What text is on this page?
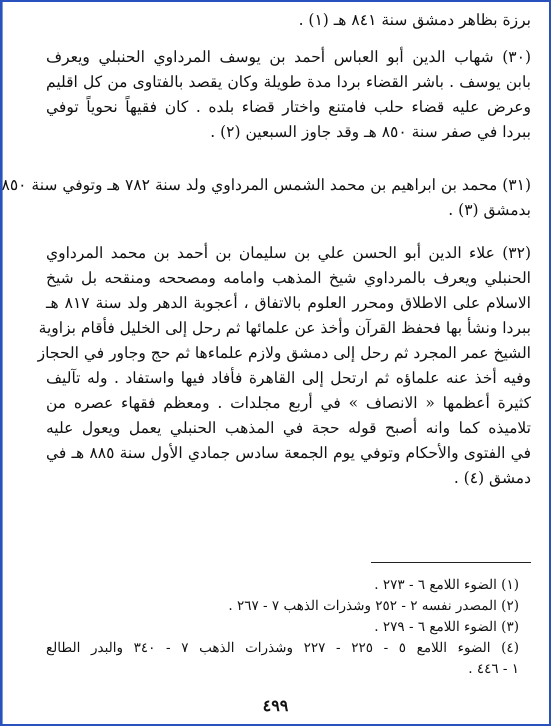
برزة بظاهر دمشق سنة ٨٤١ هـ (١) .
(٣٠) شهاب الدين أبو العباس أحمد بن يوسف المرداوي الحنبلي ويعرف
بابن يوسف . باشر القضاء بردا مدة طويلة وكان يقصد بالفتاوى من كل اقليم
وعرض عليه قضاء حلب فامتنع واختار قضاء بلده . كان فقيهاً نحوياً توفي
ببردا في صفر سنة ٨٥٠ هـ وقد جاوز السبعين (٢) .
(٣١) محمد بن ابراهيم بن محمد الشمس المرداوي ولد سنة ٧٨٢ هـ وتوفي سنة ٨٥٠
بدمشق (٣) .
(٣٢) علاء الدين أبو الحسن علي بن سليمان بن أحمد بن محمد المرداوي
الحنبلي ويعرف بالمرداوي شيخ المذهب وامامه ومصححه ومنقحه بل شيخ
الاسلام على الاطلاق ومحرر العلوم بالاتفاق ، أعجوبة الدهر ولد سنة ٨١٧ هـ
ببردا ونشأ بها فحفظ القرآن وأخذ عن علمائها ثم رحل إلى الخليل فأقام بزاوية
الشيخ عمر المجرد ثم رحل إلى دمشق ولازم علماءها ثم حج وجاور في الحجاز
وفيه أخذ عنه علماؤه ثم ارتحل إلى القاهرة فأفاد فيها واستفاد . وله تآليف
كثيرة أعظمها « الانصاف » في أربع مجلدات . ومعظم فقهاء عصره من
تلاميذه كما وانه أصبح قوله حجة في المذهب الحنبلي يعمل ويعول عليه
في الفتوى والأحكام وتوفي يوم الجمعة سادس جمادي الأول سنة ٨٨٥ هـ في
دمشق (٤) .
(١) الضوء اللامع ٦ - ٢٧٣ .
(٢) المصدر نفسه ٢ - ٢٥٢ وشذرات الذهب ٧ - ٢٦٧ .
(٣) الضوء اللامع ٦ - ٢٧٩ .
(٤) الضوء اللامع ٥ - ٢٢٥ - ٢٢٧ وشذرات الذهب ٧ - ٣٤٠ والبدر الطالع
١ - ٤٤٦ .
٤٩٩
